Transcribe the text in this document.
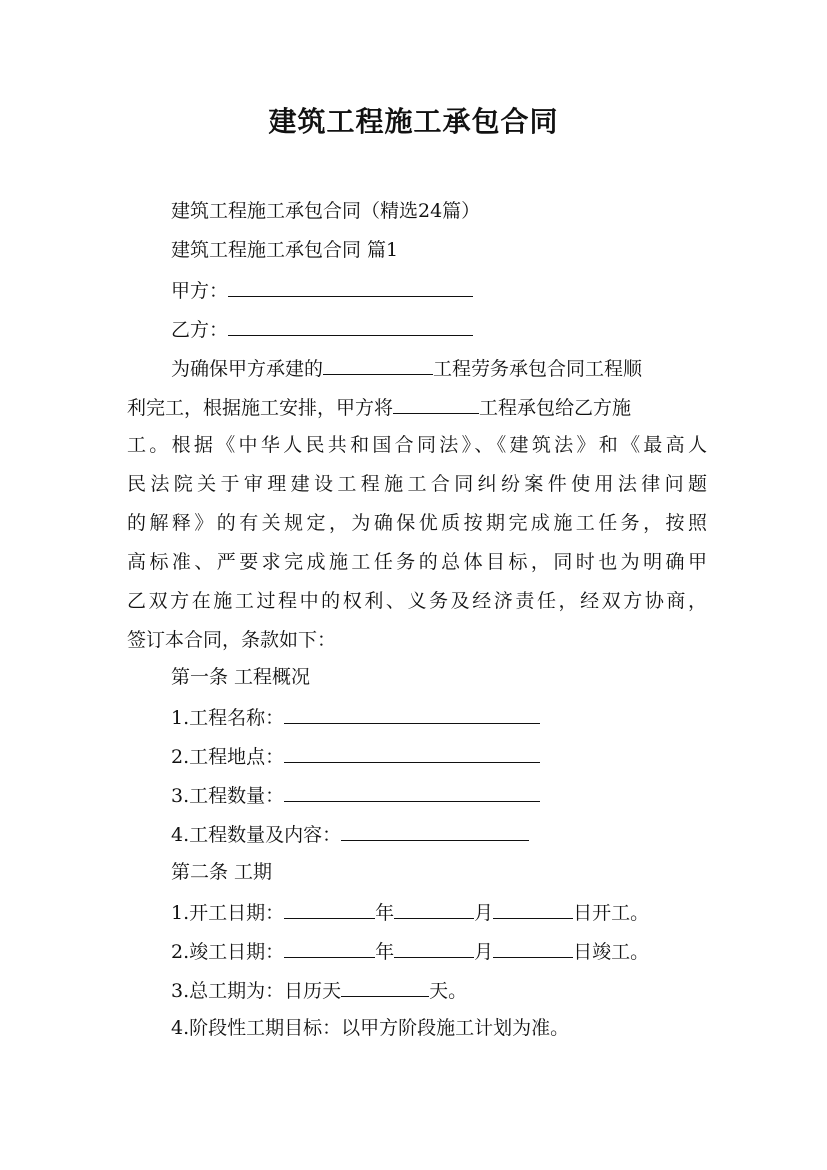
建筑工程施工承包合同
建筑工程施工承包合同（精选24篇）
建筑工程施工承包合同 篇1
甲方：
乙方：
为确保甲方承建的	工程劳务承包合同工程顺
利完工，根据施工安排，甲方将	工程承包给乙方施
工。根据《中华人民共和国合同法》、《建筑法》和《最高人
民法院关于审理建设工程施工合同纠纷案件使用法律问题
的解释》的有关规定，为确保优质按期完成施工任务，按照
高标准、严要求完成施工任务的总体目标，同时也为明确甲
乙双方在施工过程中的权利、义务及经济责任，经双方协商，
签订本合同，条款如下：
第一条 工程概况
1.工程名称：
2.工程地点：
3.工程数量：
4.工程数量及内容：
第二条 工期
1.开工日期：	年	月	日开工。
2.竣工日期：	年	月	日竣工。
3.总工期为：日历天	天。
4.阶段性工期目标：以甲方阶段施工计划为准。
